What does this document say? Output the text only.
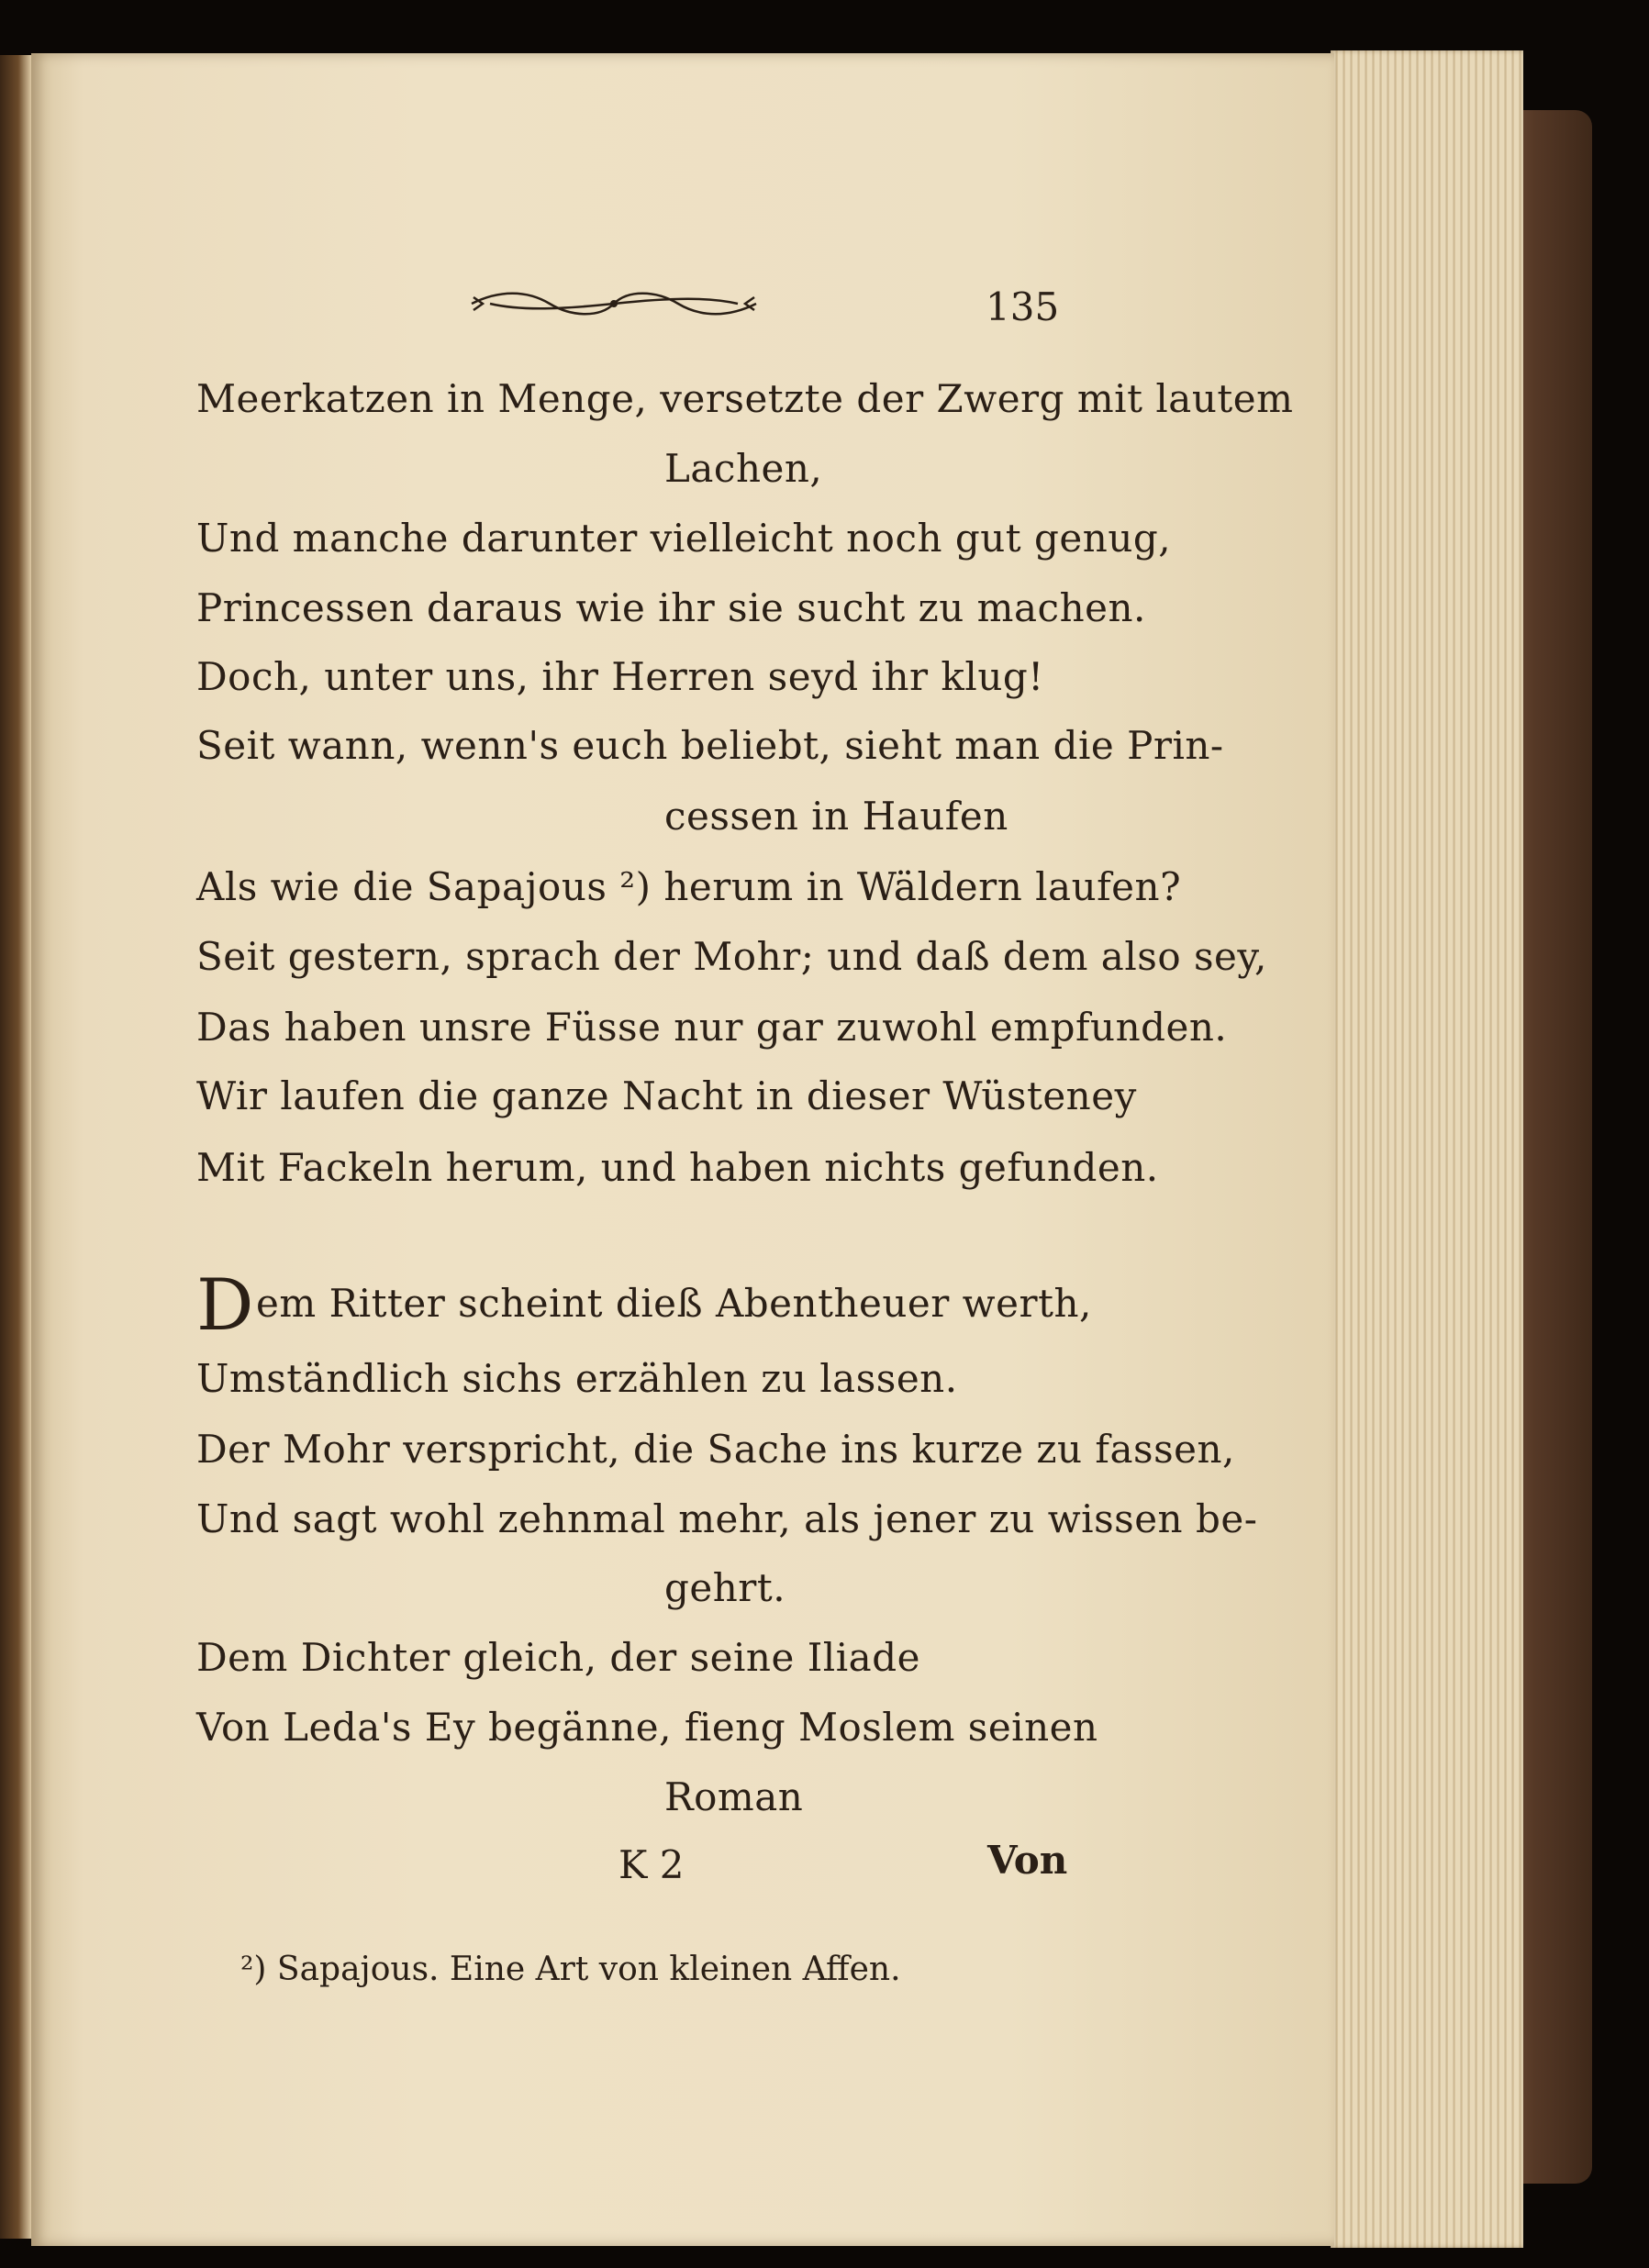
135
Meerkatzen in Menge, versetzte der Zwerg mit lautem
Lachen,
Und manche darunter vielleicht noch gut genug,
Princessen daraus wie ihr sie sucht zu machen.
Doch, unter uns, ihr Herren seyd ihr klug!
Seit wann, wenn's euch beliebt, sieht man die Prin-
cessen in Haufen
Als wie die Sapajous ²) herum in Wäldern laufen?
Seit gestern, sprach der Mohr; und daß dem also sey,
Das haben unsre Füsse nur gar zuwohl empfunden.
Wir laufen die ganze Nacht in dieser Wüsteney
Mit Fackeln herum, und haben nichts gefunden.
Dem Ritter scheint dieß Abentheuer werth,
Umständlich sichs erzählen zu lassen.
Der Mohr verspricht, die Sache ins kurze zu fassen,
Und sagt wohl zehnmal mehr, als jener zu wissen be-
gehrt.
Dem Dichter gleich, der seine Iliade
Von Leda's Ey begänne, fieng Moslem seinen
Roman
K 2	Von
²) Sapajous. Eine Art von kleinen Affen.
